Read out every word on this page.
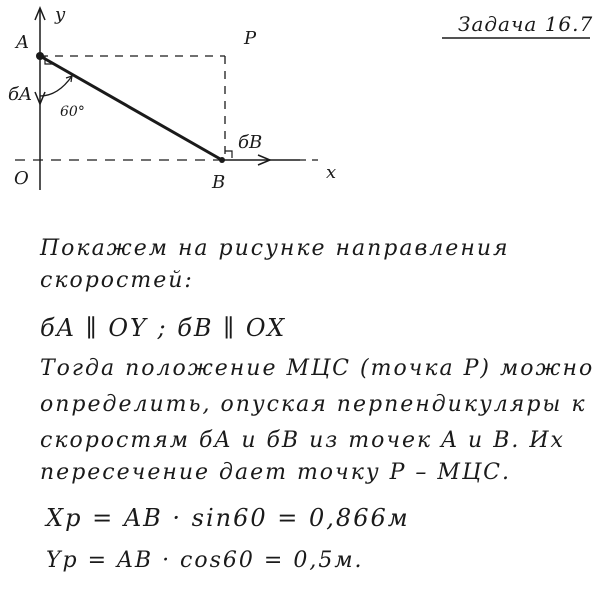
Задача 16.7
y
x
O
A
B
P
бA
бB
60°
Покажем на рисунке направления
скоростей:
бA ∥ OY ; бB ∥ OX
Тогда положение МЦС (точка P) можно
определить, опуская перпендикуляры к
скоростям бA и бB из точек A и B. Их
пересечение дает точку P – МЦС.
Xp = AB · sin60 = 0,866м
Yp = AB · cos60 = 0,5м.
